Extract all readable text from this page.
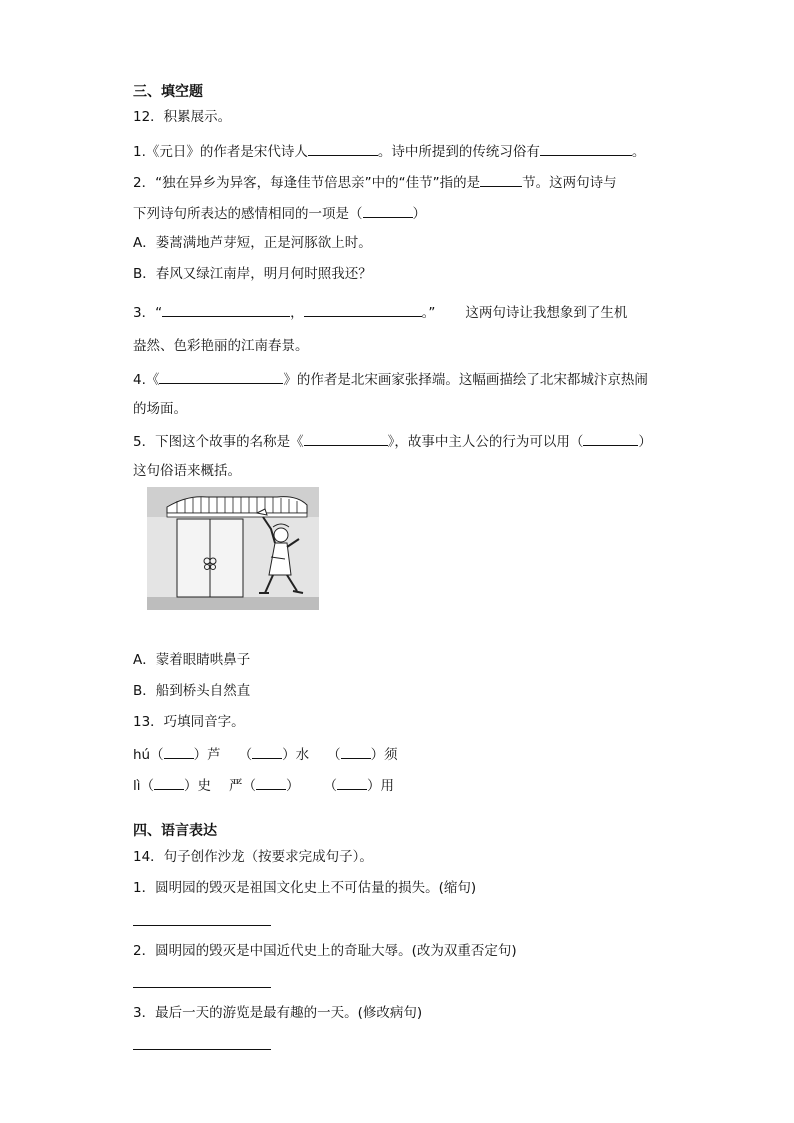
三、填空题
12．积累展示。
1.《元日》的作者是宋代诗人	。诗中所提到的传统习俗有	。
2．“独在异乡为异客，每逢佳节倍思亲”中的“佳节”指的是	节。这两句诗与
下列诗句所表达的感情相同的一项是（	）
A．蒌蒿满地芦芽短，正是河豚欲上时。
B．春风又绿江南岸，明月何时照我还？
3．“	，	。” 这两句诗让我想象到了生机
盎然、色彩艳丽的江南春景。
4.《	》的作者是北宋画家张择端。这幅画描绘了北宋都城汴京热闹
的场面。
5．下图这个故事的名称是《	》，故事中主人公的行为可以用（	）
这句俗语来概括。
A．蒙着眼睛哄鼻子
B．船到桥头自然直
13．巧填同音字。
hú（ ）芦 （ ）水 （ ）须
lì（ ）史 严（ ） （ ）用
四、语言表达
14．句子创作沙龙（按要求完成句子）。
1．圆明园的毁灭是祖国文化史上不可估量的损失。(缩句)
2．圆明园的毁灭是中国近代史上的奇耻大辱。(改为双重否定句)
3．最后一天的游览是最有趣的一天。(修改病句)
